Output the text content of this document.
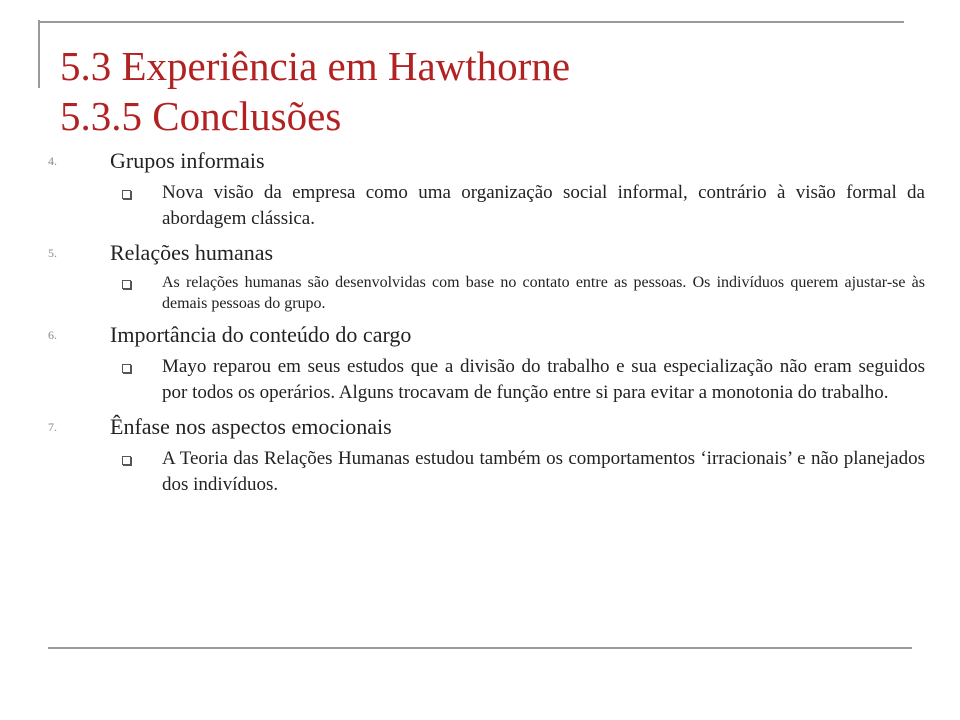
5.3 Experiência em Hawthorne
5.3.5 Conclusões
4. Grupos informais
Nova visão da empresa como uma organização social informal, contrário à visão formal da abordagem clássica.
5. Relações humanas
As relações humanas são desenvolvidas com base no contato entre as pessoas. Os indivíduos querem ajustar-se às demais pessoas do grupo.
6. Importância do conteúdo do cargo
Mayo reparou em seus estudos que a divisão do trabalho e sua especialização não eram seguidos por todos os operários. Alguns trocavam de função entre si para evitar a monotonia do trabalho.
7. Ênfase nos aspectos emocionais
A Teoria das Relações Humanas estudou também os comportamentos ‘irracionais’ e não planejados dos indivíduos.
